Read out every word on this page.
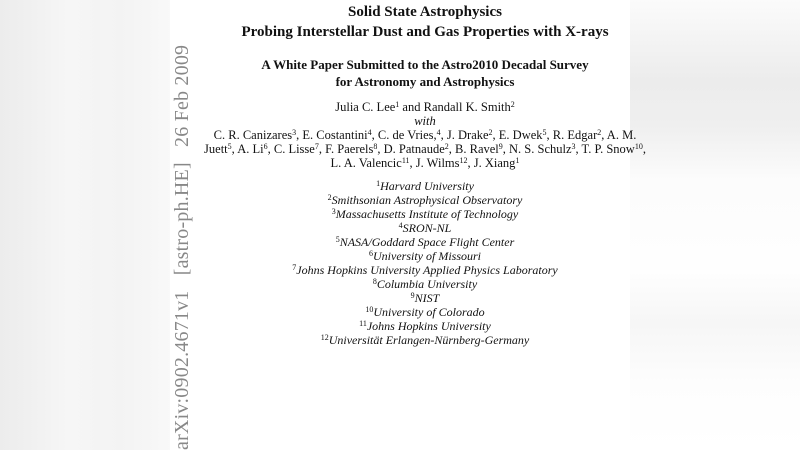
arXiv:0902.4671v1 [astro-ph.HE] 26 Feb 2009

Solid State Astrophysics

Probing Interstellar Dust and Gas Properties with X-rays

A White Paper Submitted to the Astro2010 Decadal Survey

for Astronomy and Astrophysics

Julia C. Lee$^1$ and Randall K. Smith$^2$

with

C. R. Canizares$^3$, E. Costantini$^4$, C. de Vries,$^4$, J. Drake$^2$, E. Dwek$^5$, R. Edgar$^2$, A. M.

Juett$^5$, A. Li$^6$, C. Lisse$^7$, F. Paerels$^8$, D. Patnaude$^2$, B. Ravel$^9$, N. S. Schulz$^3$, T. P. Snow$^{10}$,

L. A. Valencic$^{11}$, J. Wilms$^{12}$, J. Xiang$^1$

$^1$Harvard University

$^2$Smithsonian Astrophysical Observatory

$^3$Massachusetts Institute of Technology

$^4$SRON-NL

$^5$NASA/Goddard Space Flight Center

$^6$University of Missouri

$^7$Johns Hopkins University Applied Physics Laboratory

$^8$Columbia University

$^9$NIST

$^{10}$University of Colorado

$^{11}$Johns Hopkins University

$^{12}$Universität Erlangen-Nürnberg-Germany
